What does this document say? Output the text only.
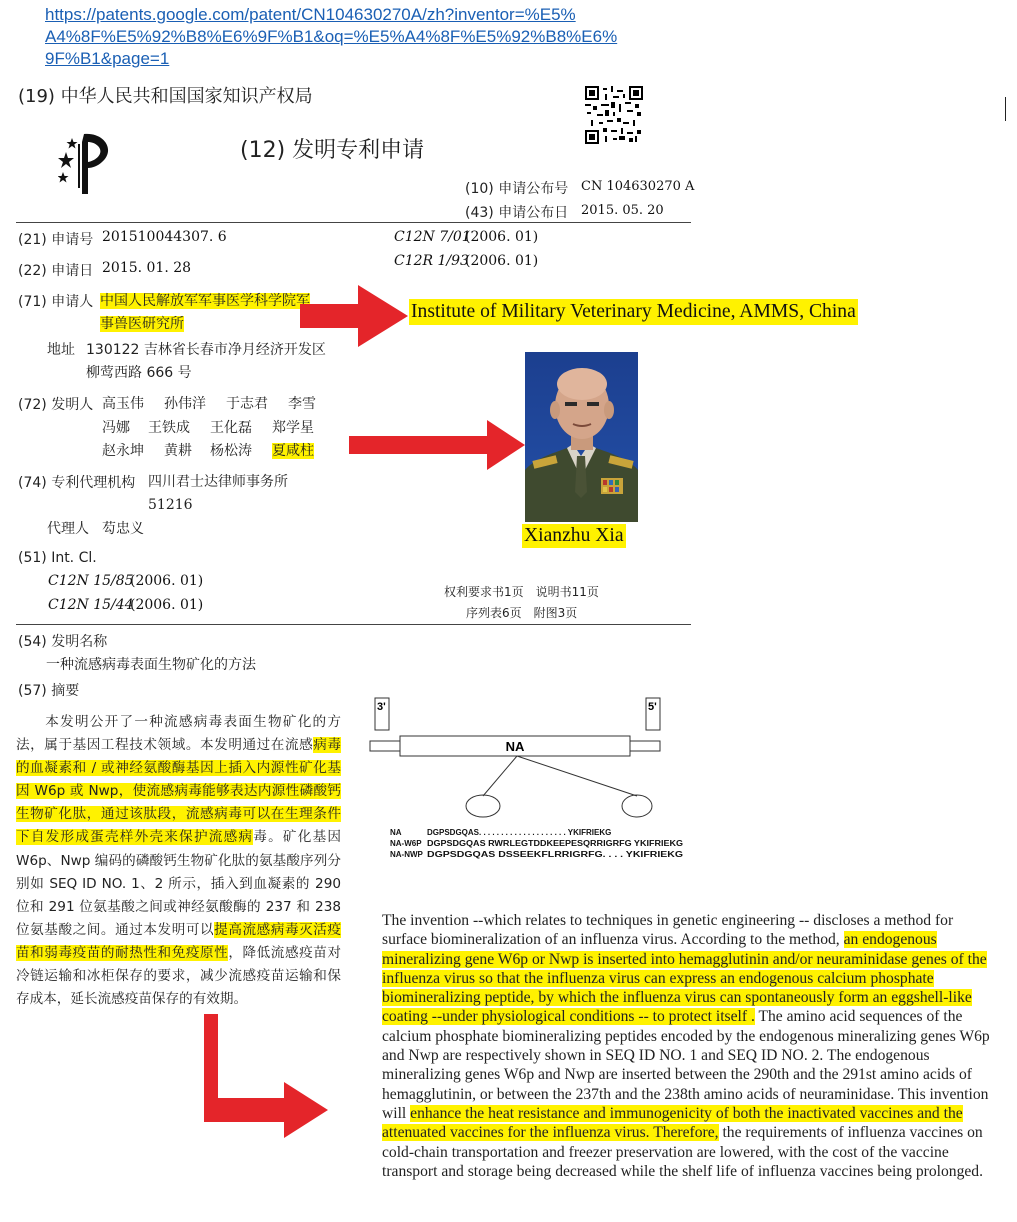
https://patents.google.com/patent/CN104630270A/zh?inventor=%E5%
A4%8F%E5%92%B8%E6%9F%B1&oq=%E5%A4%8F%E5%92%B8%E6%
9F%B1&page=1
(19) 中华人民共和国国家知识产权局
(12) 发明专利申请
(10) 申请公布号 CN 104630270 A
(43) 申请公布日 2015. 05. 20
(21) 申请号 201510044307. 6	C12N 7/01
(2006. 01)
(22) 申请日 2015. 01. 28	C12R 1/93
(2006. 01)
(71) 申请人 中国人民解放军军事医学科学院军
事兽医研究所
地址 130122 吉林省长春市净月经济开发区
柳莺西路 666 号
(72) 发明人 高玉伟 孙伟洋 于志君 李雪
冯娜 王铁成 王化磊 郑学星
赵永坤 黄耕 杨松涛 夏咸柱
(74) 专利代理机构 四川君士达律师事务所
51216
代理人 芶忠义
(51) Int. Cl.
C12N 15/85
(2006. 01)
C12N 15/44
(2006. 01)
权利要求书1页　说明书11页
序列表6页　附图3页
(54) 发明名称
一种流感病毒表面生物矿化的方法
(57) 摘要
本发明公开了一种流感病毒表面生物矿化的方法，属于基因工程技术领域。本发明通过在流感病毒的血凝素和 / 或神经氨酸酶基因上插入内源性矿化基因 W6p 或 Nwp，使流感病毒能够表达内源性磷酸钙生物矿化肽，通过该肽段，流感病毒可以在生理条件下自发形成蛋壳样外壳来保护流感病毒。矿化基因 W6p、Nwp 编码的磷酸钙生物矿化肽的氨基酸序列分别如 SEQ ID NO. 1、2 所示，插入到血凝素的 290 位和 291 位氨基酸之间或神经氨酸酶的 237 和 238 位氨基酸之间。通过本发明可以提高流感病毒灭活疫苗和弱毒疫苗的耐热性和免疫原性，降低流感疫苗对冷链运输和冰柜保存的要求，减少流感疫苗运输和保存成本，延长流感疫苗保存的有效期。
3'	5'
NA
NA	DGPSDGQAS. . . . . . . . . . . . . . . . . . . . YKIFRIEKG
NA-W6P DGPSDGQAS RWRLEGTDDKEEPESQRRIGRFG YKIFRIEKG
NA-NWP DGPSDGQAS DSSEEKFLRRIGRFG. . . . YKIFRIEKG
Institute of Military Veterinary Medicine, AMMS, China
Xianzhu Xia
The invention --which relates to techniques in genetic engineering -- discloses a method for surface biomineralization of an influenza virus. According to the method, an endogenous mineralizing gene W6p or Nwp is inserted into hemagglutinin and/or neuraminidase genes of the influenza virus so that the influenza virus can express an endogenous calcium phosphate biomineralizing peptide, by which the influenza virus can spontaneously form an eggshell-like coating --under physiological conditions -- to protect itself . The amino acid sequences of the calcium phosphate biomineralizing peptides encoded by the endogenous mineralizing genes W6p and Nwp are respectively shown in SEQ ID NO. 1 and SEQ ID NO. 2. The endogenous mineralizing genes W6p and Nwp are inserted between the 290th and the 291st amino acids of hemagglutinin, or between the 237th and the 238th amino acids of neuraminidase. This invention will enhance the heat resistance and immunogenicity of both the inactivated vaccines and the attenuated vaccines for the influenza virus. Therefore, the requirements of influenza vaccines on cold-chain transportation and freezer preservation are lowered, with the cost of the vaccine transport and storage being decreased while the shelf life of influenza vaccines being prolonged.
